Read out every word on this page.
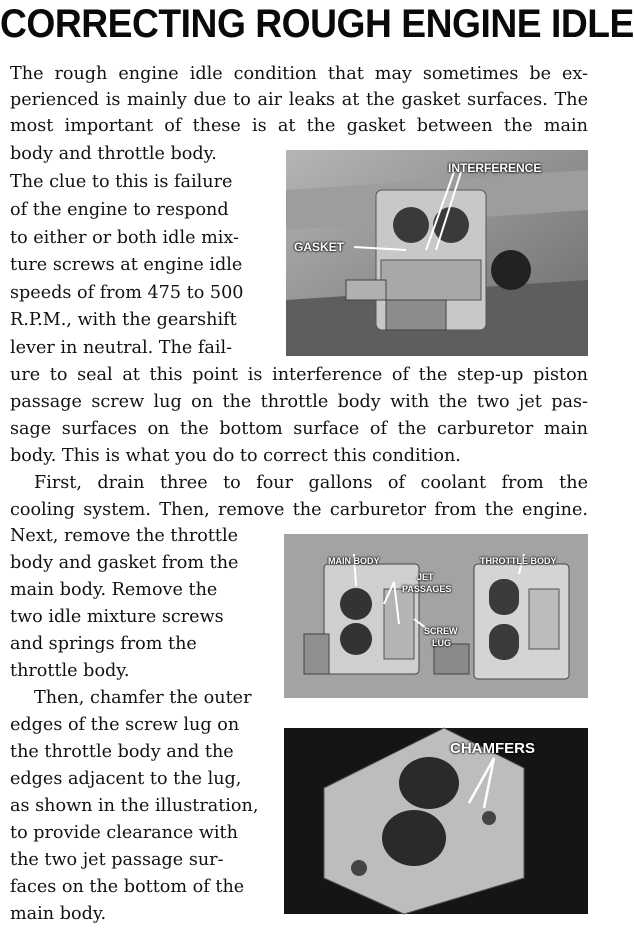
CORRECTING ROUGH ENGINE IDLE
The rough engine idle condition that may sometimes be ex-
perienced is mainly due to air leaks at the gasket surfaces. The
most important of these is at the gasket between the main
body and throttle body.
The clue to this is failure
of the engine to respond
to either or both idle mix-
ture screws at engine idle
speeds of from 475 to 500
R.P.M., with the gearshift
lever in neutral. The fail-
ure to seal at this point is interference of the step-up piston
passage screw lug on the throttle body with the two jet pas-
sage surfaces on the bottom surface of the carburetor main
body. This is what you do to correct this condition.
First, drain three to four gallons of coolant from the
cooling system. Then, remove the carburetor from the engine.
Next, remove the throttle
body and gasket from the
main body. Remove the
two idle mixture screws
and springs from the
throttle body.
Then, chamfer the outer
edges of the screw lug on
the throttle body and the
edges adjacent to the lug,
as shown in the illustration,
to provide clearance with
the two jet passage sur-
faces on the bottom of the
main body.
INTERFERENCE
GASKET
MAIN BODY
JET
PASSAGES
SCREW
LUG
THROTTLE BODY
CHAMFERS
